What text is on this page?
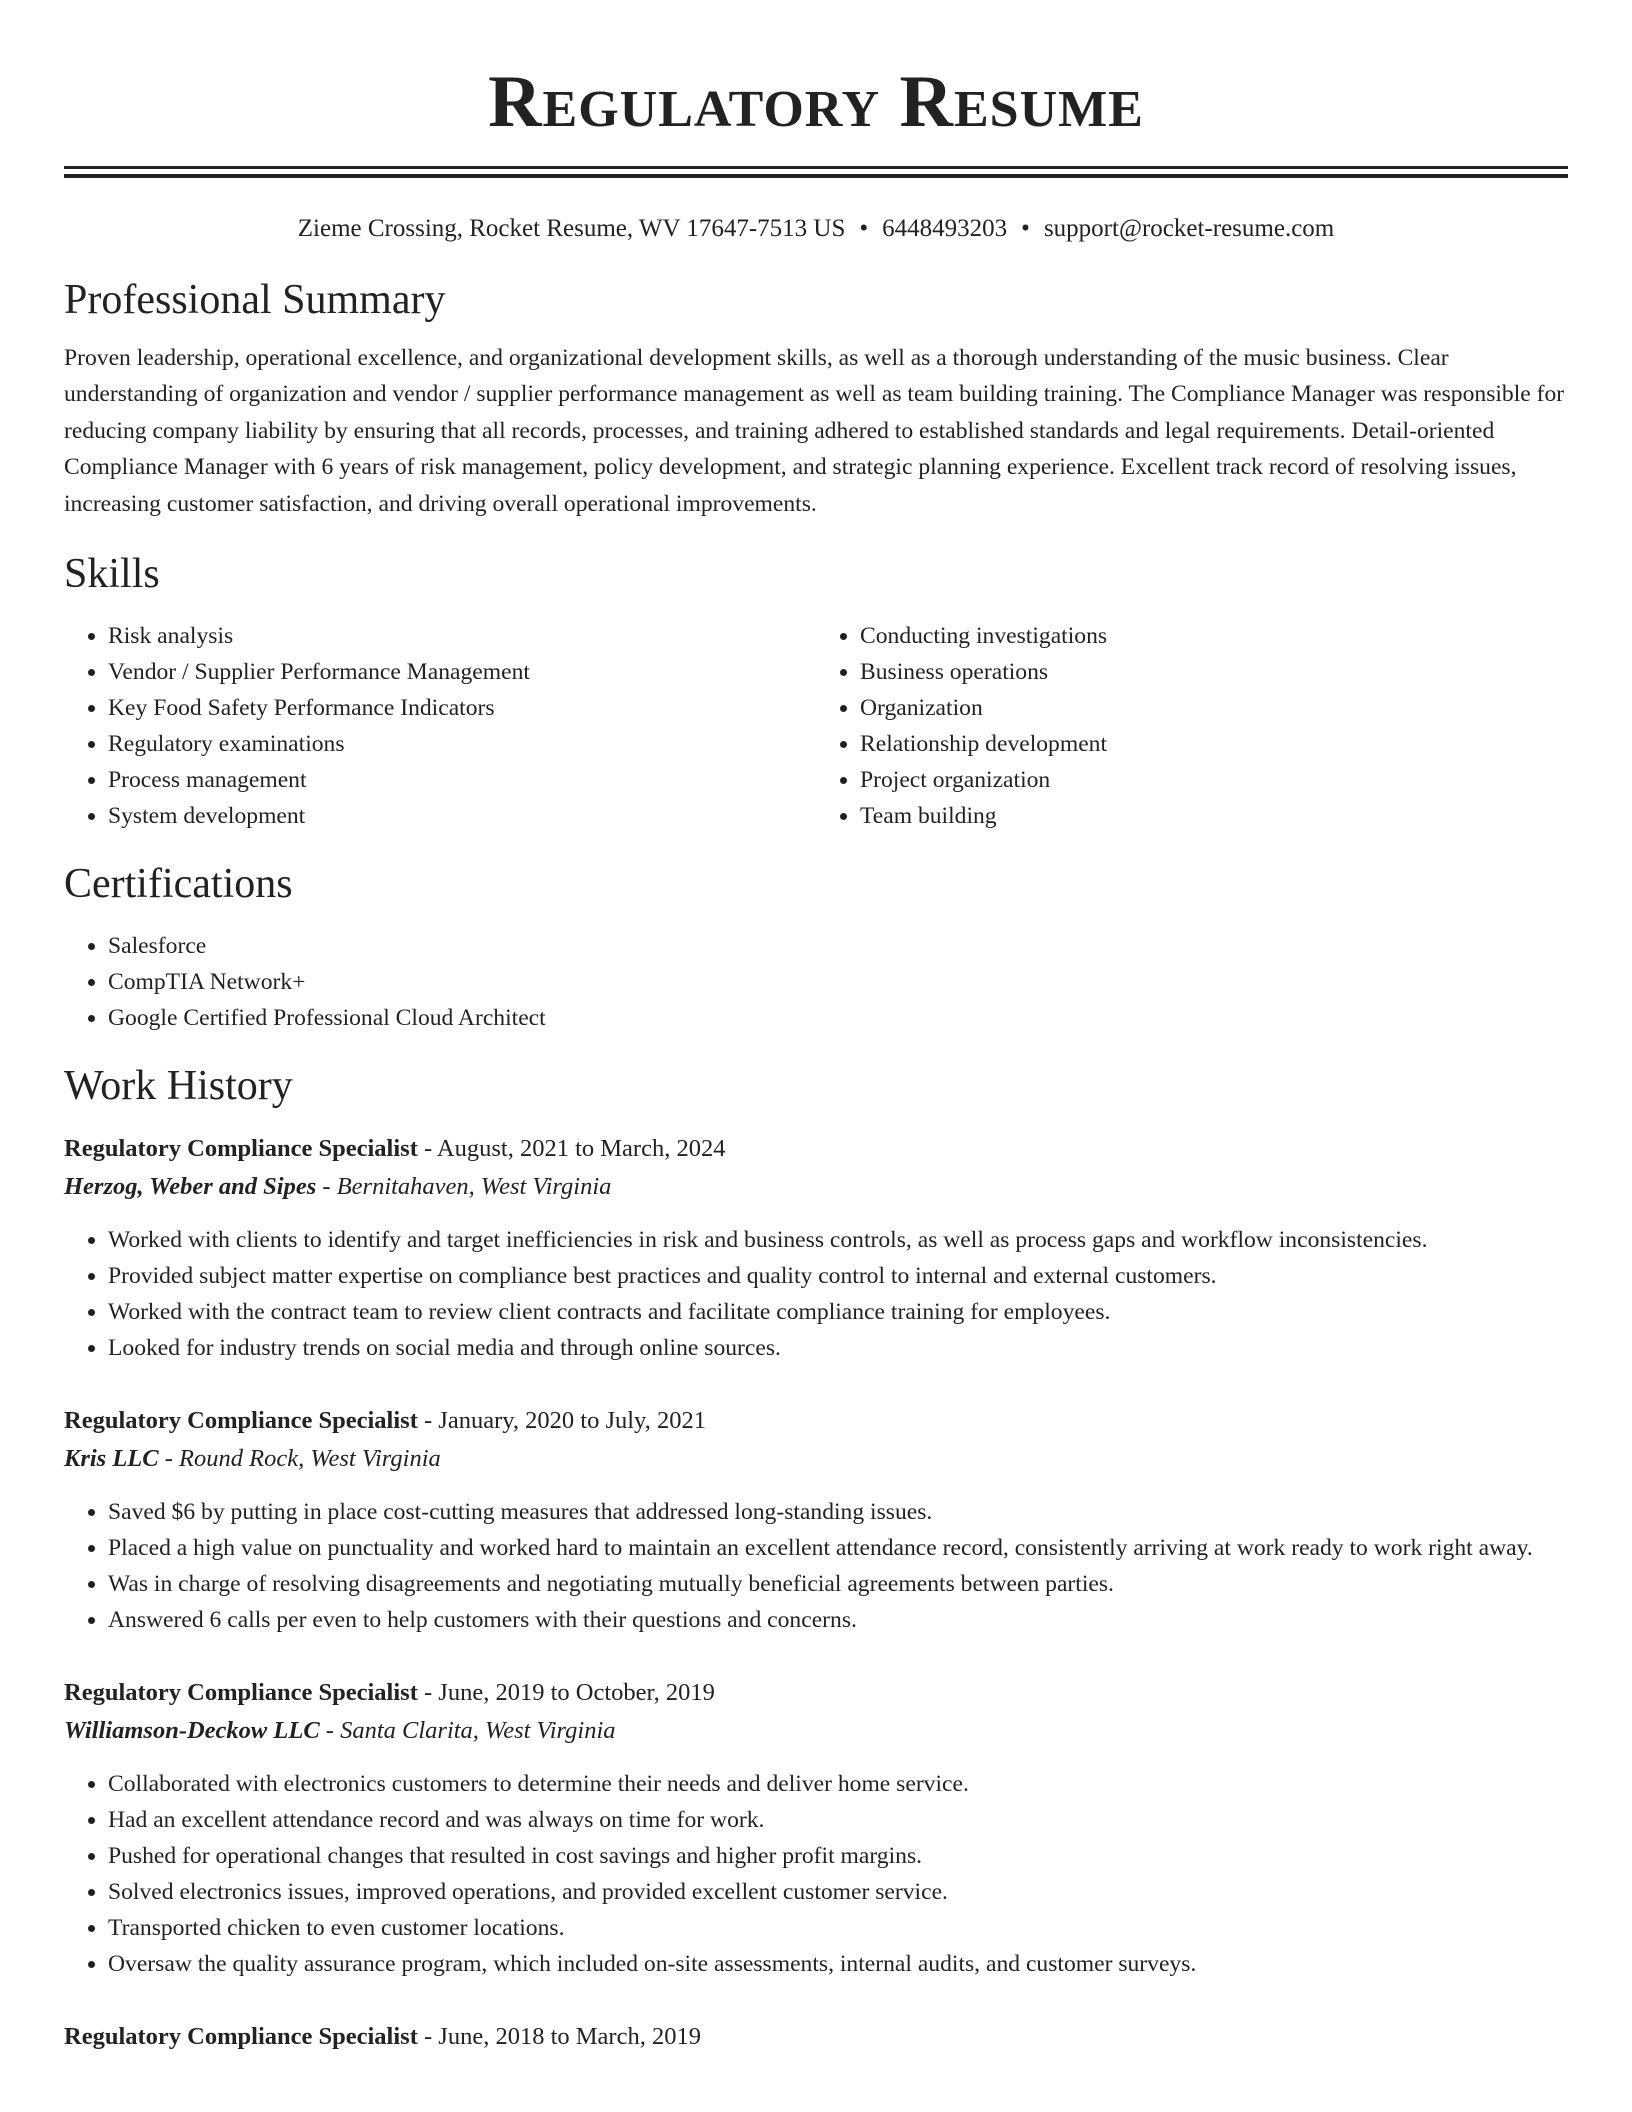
Regulatory Resume
Zieme Crossing, Rocket Resume, WV 17647-7513 US • 6448493203 • support@rocket-resume.com
Professional Summary
Proven leadership, operational excellence, and organizational development skills, as well as a thorough understanding of the music business. Clear understanding of organization and vendor / supplier performance management as well as team building training. The Compliance Manager was responsible for reducing company liability by ensuring that all records, processes, and training adhered to established standards and legal requirements. Detail-oriented Compliance Manager with 6 years of risk management, policy development, and strategic planning experience. Excellent track record of resolving issues, increasing customer satisfaction, and driving overall operational improvements.
Skills
• Risk analysis
• Vendor / Supplier Performance Management
• Key Food Safety Performance Indicators
• Regulatory examinations
• Process management
• System development
• Conducting investigations
• Business operations
• Organization
• Relationship development
• Project organization
• Team building
Certifications
• Salesforce
• CompTIA Network+
• Google Certified Professional Cloud Architect
Work History
Regulatory Compliance Specialist - August, 2021 to March, 2024
Herzog, Weber and Sipes - Bernitahaven, West Virginia
• Worked with clients to identify and target inefficiencies in risk and business controls, as well as process gaps and workflow inconsistencies.
• Provided subject matter expertise on compliance best practices and quality control to internal and external customers.
• Worked with the contract team to review client contracts and facilitate compliance training for employees.
• Looked for industry trends on social media and through online sources.
Regulatory Compliance Specialist - January, 2020 to July, 2021
Kris LLC - Round Rock, West Virginia
• Saved $6 by putting in place cost-cutting measures that addressed long-standing issues.
• Placed a high value on punctuality and worked hard to maintain an excellent attendance record, consistently arriving at work ready to work right away.
• Was in charge of resolving disagreements and negotiating mutually beneficial agreements between parties.
• Answered 6 calls per even to help customers with their questions and concerns.
Regulatory Compliance Specialist - June, 2019 to October, 2019
Williamson-Deckow LLC - Santa Clarita, West Virginia
• Collaborated with electronics customers to determine their needs and deliver home service.
• Had an excellent attendance record and was always on time for work.
• Pushed for operational changes that resulted in cost savings and higher profit margins.
• Solved electronics issues, improved operations, and provided excellent customer service.
• Transported chicken to even customer locations.
• Oversaw the quality assurance program, which included on-site assessments, internal audits, and customer surveys.
Regulatory Compliance Specialist - June, 2018 to March, 2019
